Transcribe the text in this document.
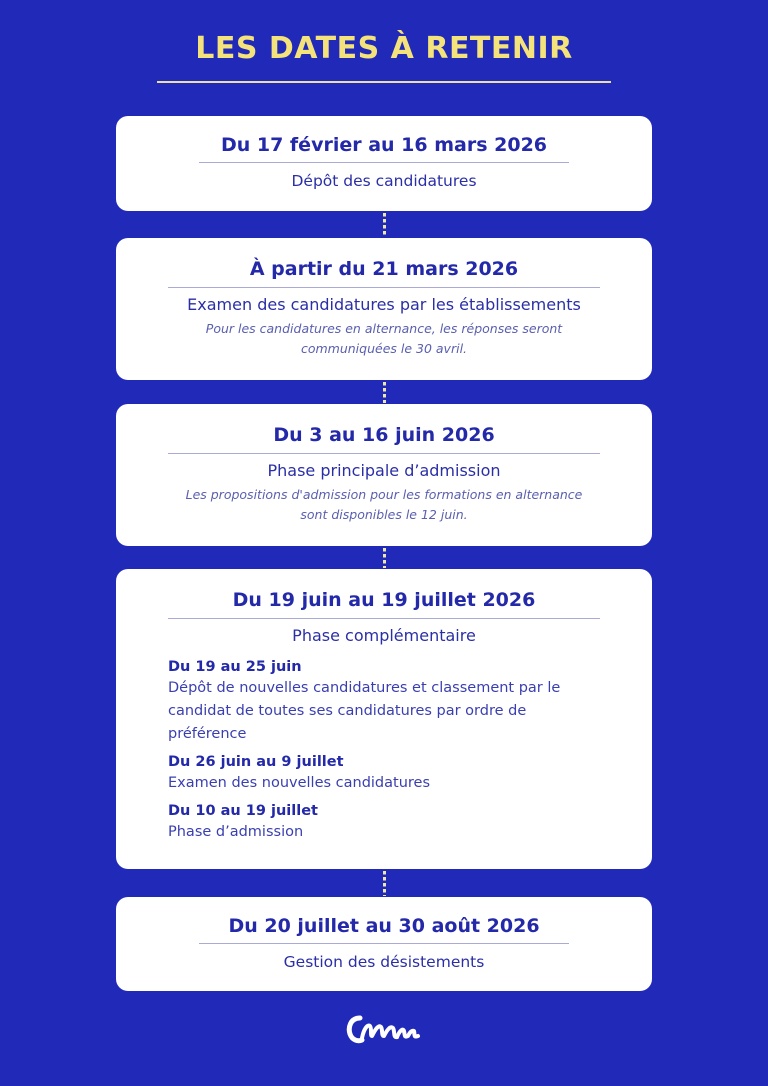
LES DATES À RETENIR
Du 17 février au 16 mars 2026
Dépôt des candidatures
À partir du 21 mars 2026
Examen des candidatures par les établissements
Pour les candidatures en alternance, les réponses seront
communiquées le 30 avril.
Du 3 au 16 juin 2026
Phase principale d’admission
Les propositions d'admission pour les formations en alternance
sont disponibles le 12 juin.
Du 19 juin au 19 juillet 2026
Phase complémentaire
Du 19 au 25 juin
Dépôt de nouvelles candidatures et classement par le candidat de toutes ses candidatures par ordre de préférence
Du 26 juin au 9 juillet
Examen des nouvelles candidatures
Du 10 au 19 juillet
Phase d’admission
Du 20 juillet au 30 août 2026
Gestion des désistements
